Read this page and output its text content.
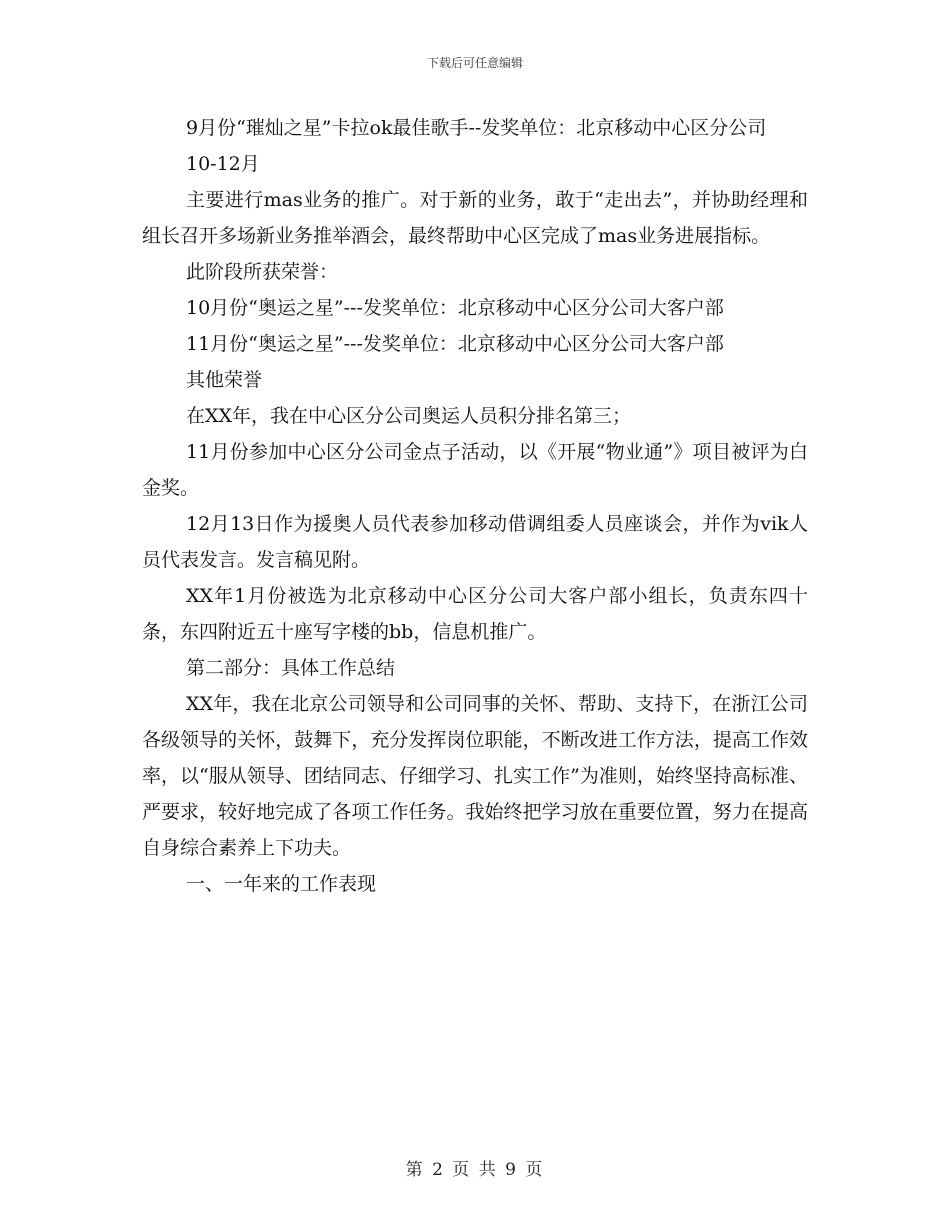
下载后可任意编辑

9月份“璀灿之星”卡拉ok最佳歌手--发奖单位：北京移动中心区分公司

10-12月

主要进行mas业务的推广。对于新的业务，敢于“走出去”，并协助经理和组长召开多场新业务推举酒会，最终帮助中心区完成了mas业务进展指标。

此阶段所获荣誉：

10月份“奥运之星”---发奖单位：北京移动中心区分公司大客户部

11月份“奥运之星”---发奖单位：北京移动中心区分公司大客户部

其他荣誉

在XX年，我在中心区分公司奥运人员积分排名第三；

11月份参加中心区分公司金点子活动，以《开展“物业通”》项目被评为白金奖。

12月13日作为援奥人员代表参加移动借调组委人员座谈会，并作为vik人员代表发言。发言稿见附。

XX年1月份被选为北京移动中心区分公司大客户部小组长，负责东四十条，东四附近五十座写字楼的bb，信息机推广。

第二部分：具体工作总结

XX年，我在北京公司领导和公司同事的关怀、帮助、支持下，在浙江公司各级领导的关怀，鼓舞下，充分发挥岗位职能，不断改进工作方法，提高工作效率，以“服从领导、团结同志、仔细学习、扎实工作”为准则，始终坚持高标准、严要求，较好地完成了各项工作任务。我始终把学习放在重要位置，努力在提高自身综合素养上下功夫。

一、一年来的工作表现

第 2 页 共 9 页
